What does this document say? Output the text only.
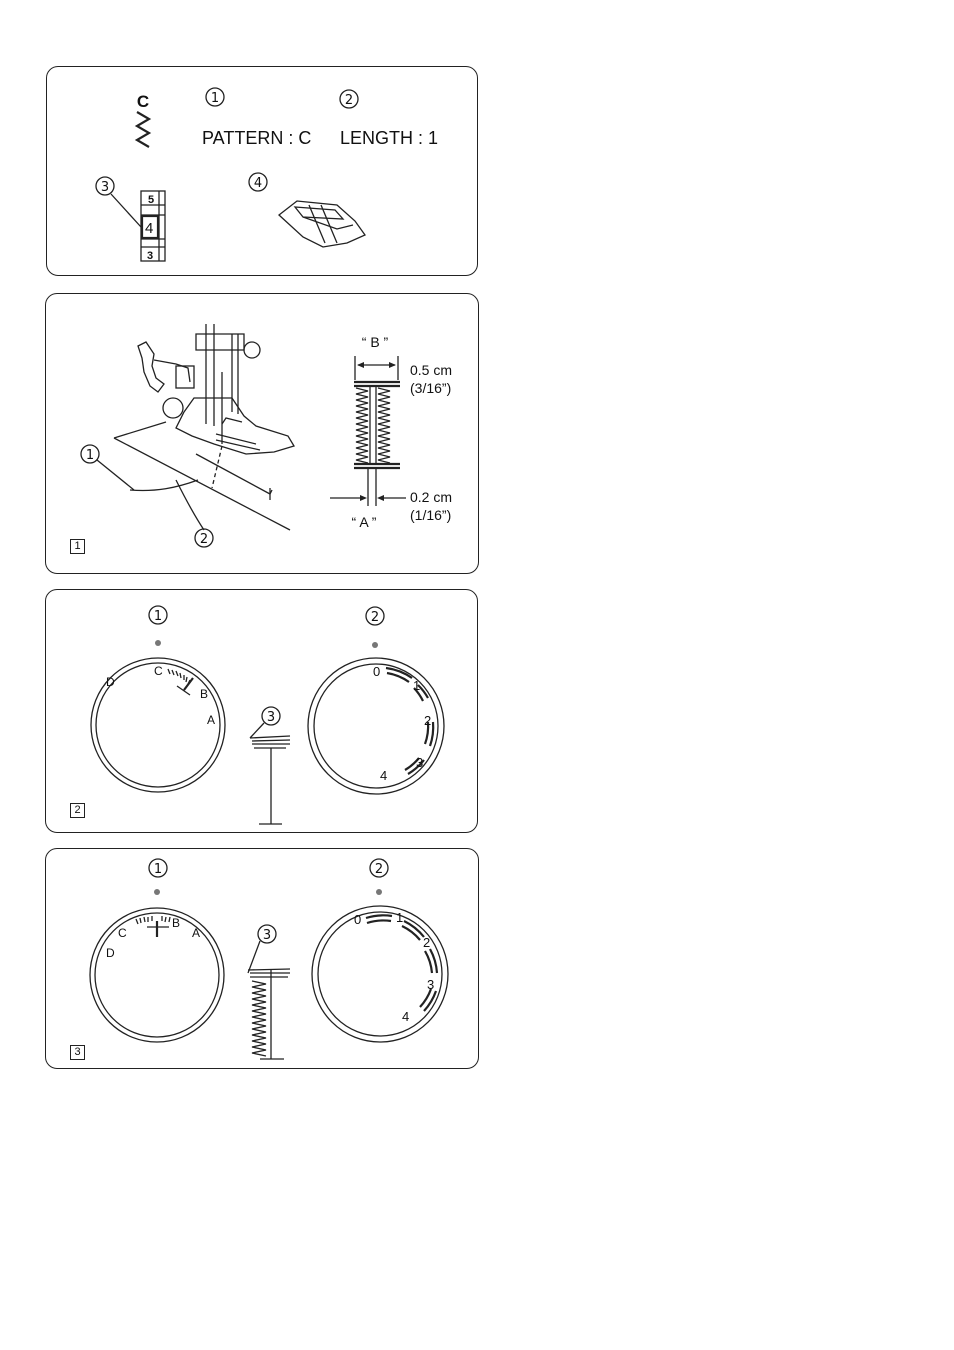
C	1	2
PATTERN : C LENGTH : 1
3
5
4
3
4
1
2
“ B ”
“ A ”
0.5 cm
(3/16”)
0.2 cm
(1/16”)
1
1	2
D
C
B
A	3
0
1
2
3
4
2
1	2
D
C
B
A	3
0	1
2
3
4
3
